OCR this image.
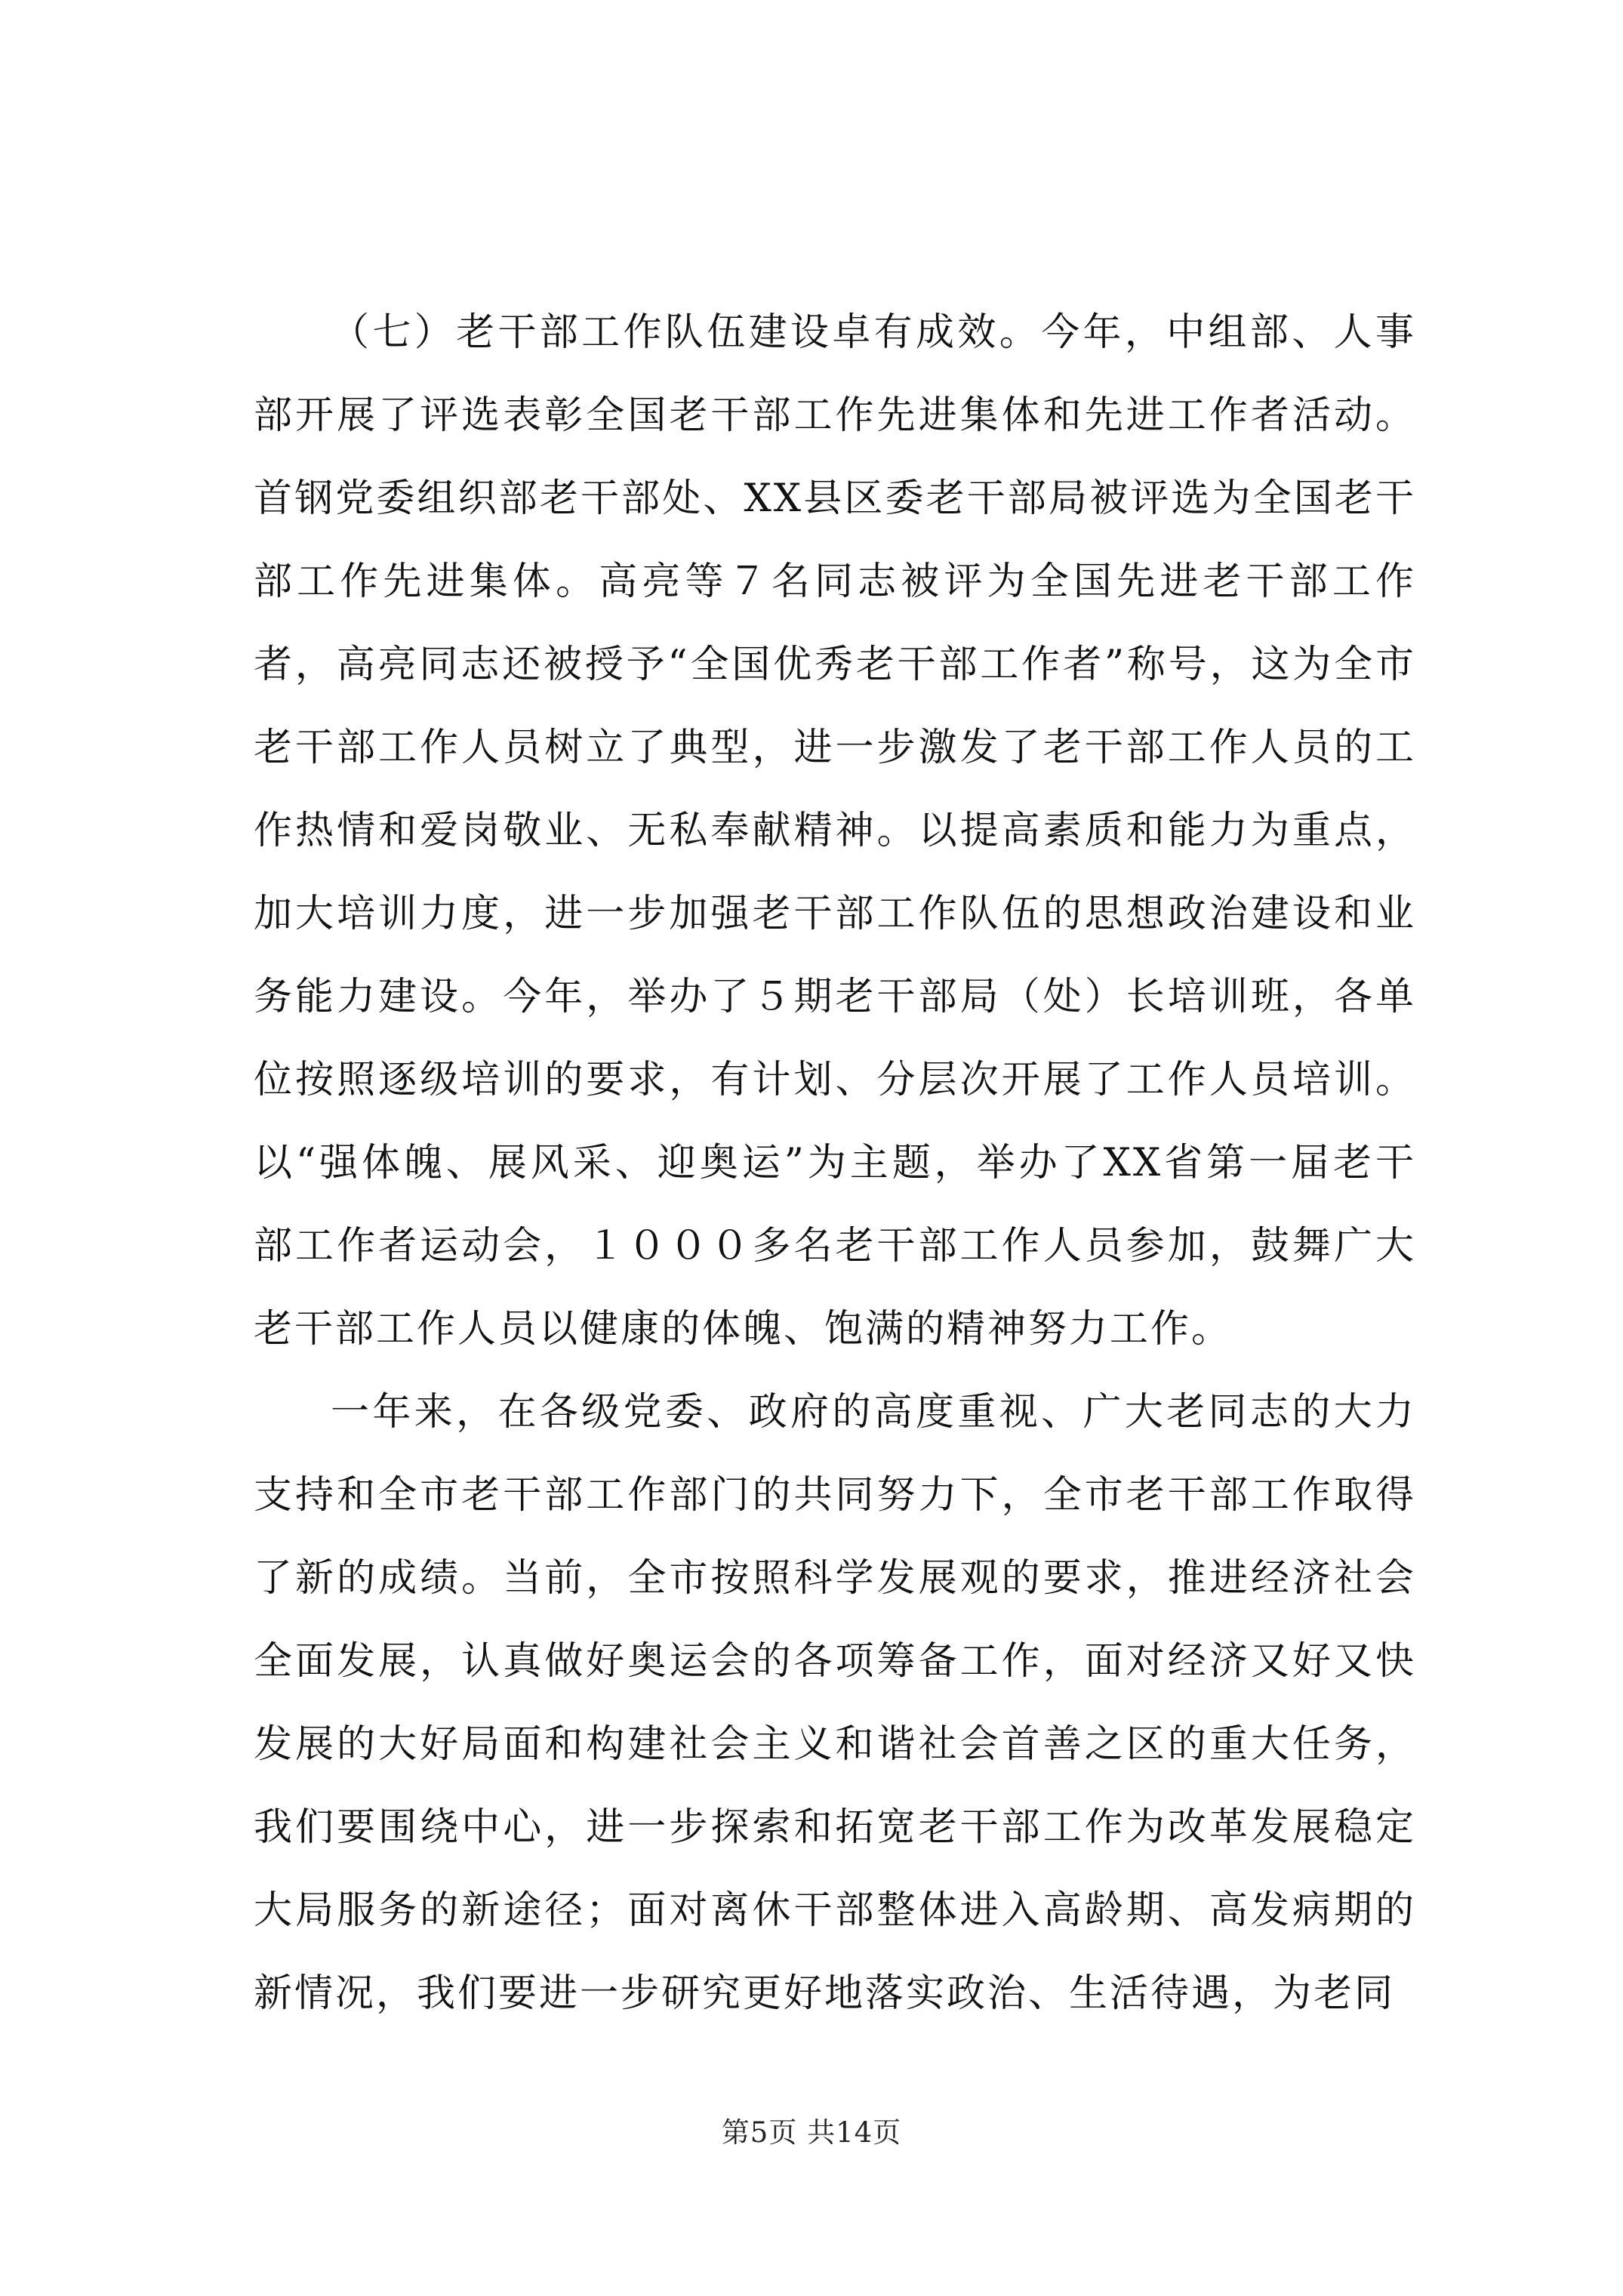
（七）老干部工作队伍建设卓有成效。今年，中组部、人事部开展了评选表彰全国老干部工作先进集体和先进工作者活动。首钢党委组织部老干部处、XX县区委老干部局被评选为全国老干部工作先进集体。高亮等７名同志被评为全国先进老干部工作者，高亮同志还被授予“全国优秀老干部工作者”称号，这为全市老干部工作人员树立了典型，进一步激发了老干部工作人员的工作热情和爱岗敬业、无私奉献精神。以提高素质和能力为重点，加大培训力度，进一步加强老干部工作队伍的思想政治建设和业务能力建设。今年，举办了５期老干部局（处）长培训班，各单位按照逐级培训的要求，有计划、分层次开展了工作人员培训。以“强体魄、展风采、迎奥运”为主题，举办了XX省第一届老干部工作者运动会，１０００多名老干部工作人员参加，鼓舞广大老干部工作人员以健康的体魄、饱满的精神努力工作。

一年来，在各级党委、政府的高度重视、广大老同志的大力支持和全市老干部工作部门的共同努力下，全市老干部工作取得了新的成绩。当前，全市按照科学发展观的要求，推进经济社会全面发展，认真做好奥运会的各项筹备工作，面对经济又好又快发展的大好局面和构建社会主义和谐社会首善之区的重大任务，我们要围绕中心，进一步探索和拓宽老干部工作为改革发展稳定大局服务的新途径；面对离休干部整体进入高龄期、高发病期的新情况，我们要进一步研究更好地落实政治、生活待遇，为老同

第5页 共14页
